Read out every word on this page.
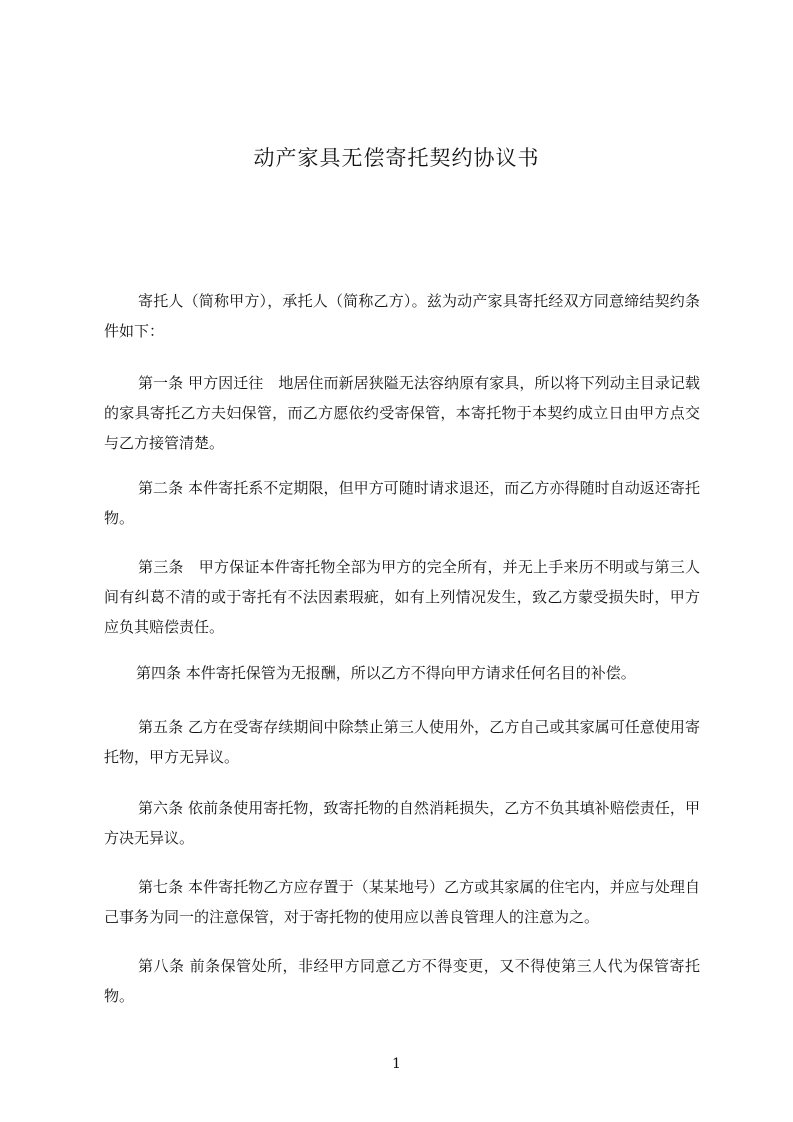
动产家具无偿寄托契约协议书

寄托人（简称甲方），承托人（简称乙方）。兹为动产家具寄托经双方同意缔结契约条件如下：

第一条 甲方因迁往　地居住而新居狭隘无法容纳原有家具，所以将下列动主目录记载的家具寄托乙方夫妇保管，而乙方愿依约受寄保管，本寄托物于本契约成立日由甲方点交与乙方接管清楚。

第二条 本件寄托系不定期限，但甲方可随时请求退还，而乙方亦得随时自动返还寄托物。

第三条　甲方保证本件寄托物全部为甲方的完全所有，并无上手来历不明或与第三人间有纠葛不清的或于寄托有不法因素瑕疵，如有上列情况发生，致乙方蒙受损失时，甲方应负其赔偿责任。

第四条 本件寄托保管为无报酬，所以乙方不得向甲方请求任何名目的补偿。

第五条 乙方在受寄存续期间中除禁止第三人使用外，乙方自己或其家属可任意使用寄托物，甲方无异议。

第六条 依前条使用寄托物，致寄托物的自然消耗损失，乙方不负其填补赔偿责任，甲方决无异议。

第七条 本件寄托物乙方应存置于（某某地号）乙方或其家属的住宅内，并应与处理自己事务为同一的注意保管，对于寄托物的使用应以善良管理人的注意为之。

第八条 前条保管处所，非经甲方同意乙方不得变更，又不得使第三人代为保管寄托物。

1
